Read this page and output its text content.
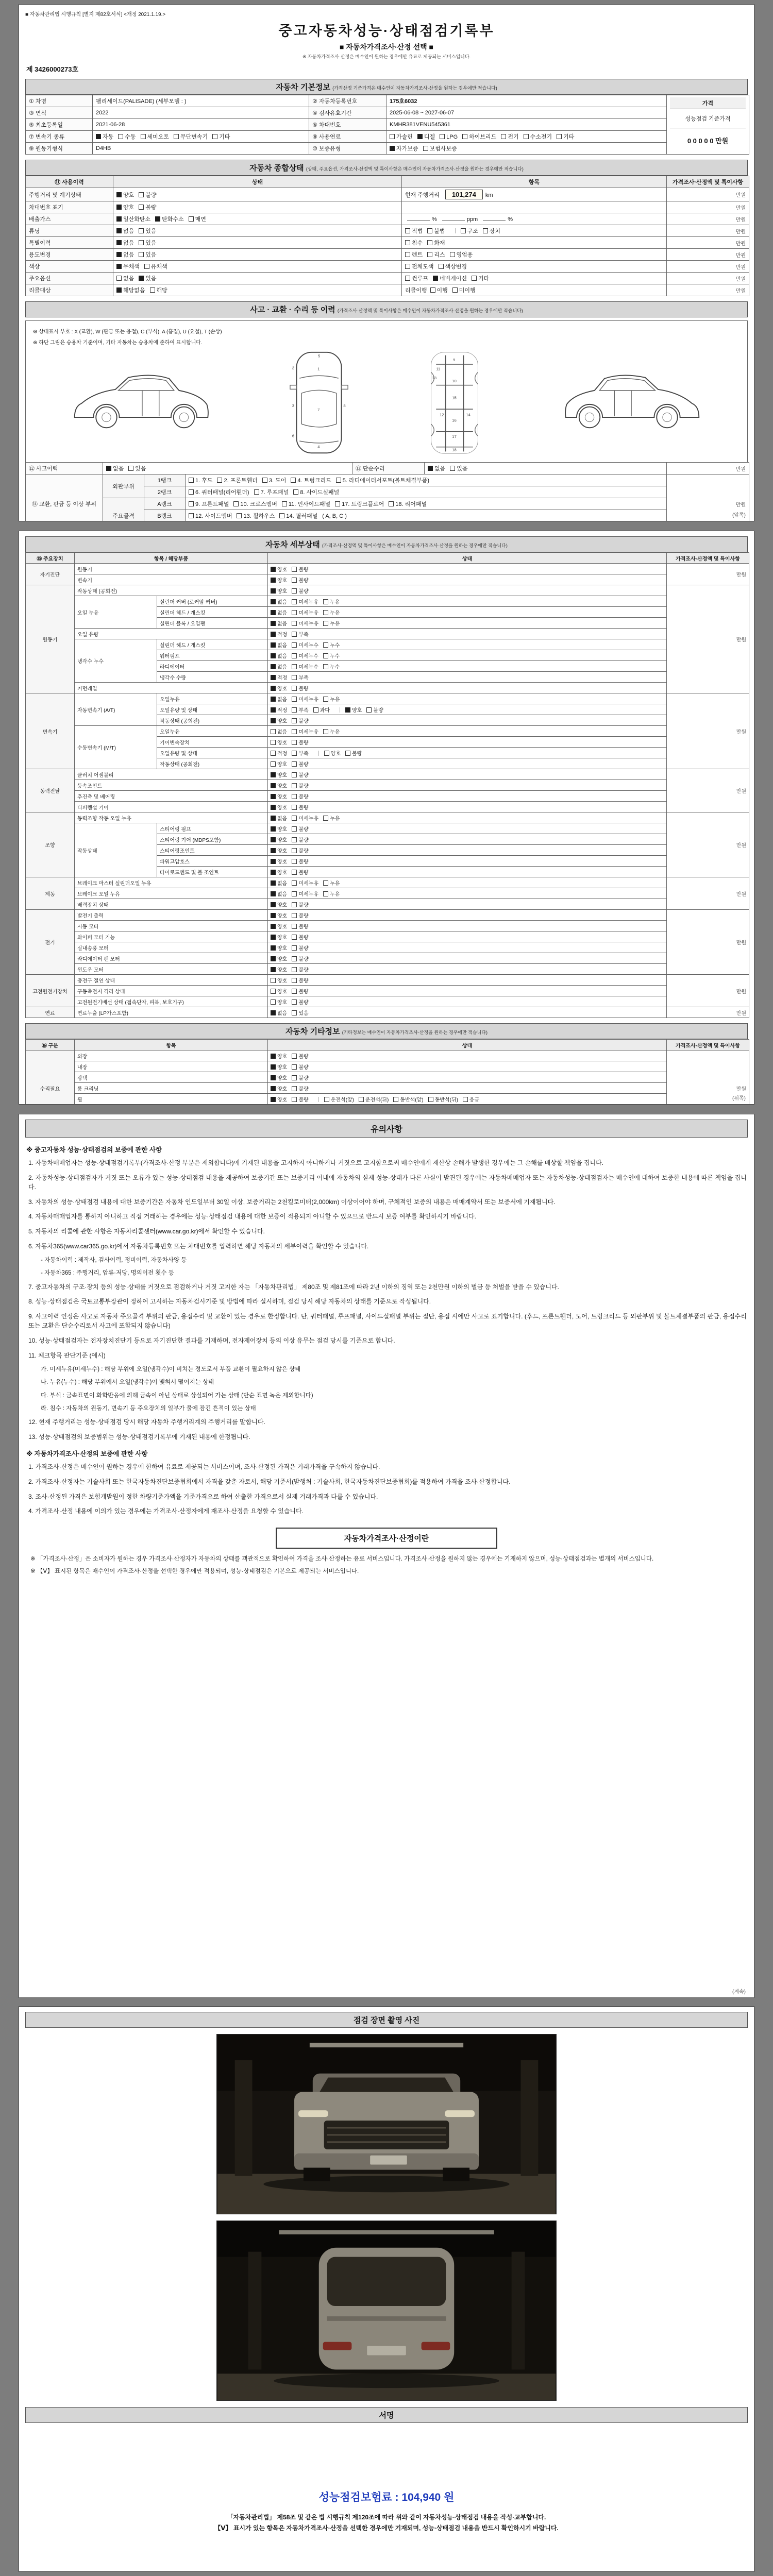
■ 자동차관리법 시행규칙 [별지 제82호서식] <개정 2021.1.19.>
중고자동차성능·상태점검기록부
■ 자동차가격조사·산정 선택 ■
※ 자동차가격조사·산정은 매수인이 원하는 경우에만 유료로 제공되는 서비스입니다.
제 3426000273호
자동차 기본정보 (가격산정 기준가격은 매수인이 자동차가격조사·산정을 원하는 경우에만 적습니다)
① 차명	팰리세이드(PALISADE) (세부모델 : )	② 자동차등록번호	175호6032	가격
성능점검 기준가격
0 0 0 0 0 만원

③ 연식	2022	④ 검사유효기간	2025-06-08 ~ 2027-06-07	
⑤ 최초등록일	2021-06-28	⑥ 차대번호	KMHR381VENU545361	
⑦ 변속기 종류	자동 수동 세미오토 무단변속기 기타	⑧ 사용연료	가솔린 디젤 LPG 하이브리드 전기 수소전기 기타	
⑨ 원동기형식	D4HB	⑩ 보증유형	자가보증 보험사보증	
자동차 종합상태 (상태, 주요옵션, 가격조사·산정액 및 특이사항은 매수인이 자동차가격조사·산정을 원하는 경우에만 적습니다)
⑪ 사용이력	상태	항목	가격조사·산정액 및 특이사항
주행거리 및 계기상태	양호 불량	현재 주행거리 101,274 km	만원
차대번호 표기	양호 불량		만원
배출가스	일산화탄소 탄화수소 매연	% ppm %	만원
튜닝	없음 있음	적법 불법 구조 장치	만원
특별이력	없음 있음	침수 화재	만원
용도변경	없음 있음	렌트 리스 영업용	만원
색상	무채색 유채색	전체도색 색상변경	만원
주요옵션	없음 있음	썬루프 네비게이션 기타	만원
리콜대상	해당없음 해당	리콜이행 이행 미이행	만원
사고 · 교환 · 수리 등 이력 (가격조사·산정액 및 특이사항은 매수인이 자동차가격조사·산정을 원하는 경우에만 적습니다)
※ 상태표시 부호 : X (교환), W (판금 또는 용접), C (부식), A (흠집), U (요철), T (손상)
※ 하단 그림은 승용차 기준이며, 기타 자동차는 승용차에 준하여 표시합니다.
5
1
2
3
7
6
8
4
9
10
11
13
12	14
15
16
17
18
⑫ 사고이력	없음 있음	⑬ 단순수리	없음 있음	만원
⑭ 교환, 판금 등 이상 부위	외판부위	1랭크	1. 후드 2. 프론트휀더 3. 도어 4. 트렁크리드 5. 라디에이터서포트(볼트체결부품)	만원
		2랭크	6. 쿼터패널(리어휀더) 7. 루프패널 8. 사이드실패널	
	주요골격	A랭크	9. 프론트패널 10. 크로스멤버 11. 인사이드패널 17. 트렁크플로어 18. 리어패널	
		B랭크	12. 사이드멤버 13. 휠하우스 14. 필러패널 ( A, B, C )	
		(앞쪽)
자동차 세부상태 (가격조사·산정액 및 특이사항은 매수인이 자동차가격조사·산정을 원하는 경우에만 적습니다)
⑮ 주요장치	항목 / 해당부품		상태	가격조사·산정액 및 특이사항
자기진단	원동기		양호 불량	만원
	변속기		양호 불량	
원동기	작동상태 (공회전)		양호 불량	만원
	오일 누유	실린더 커버 (로커암 커버)	없음 미세누유 누유	
		실린더 헤드 / 개스킷	없음 미세누유 누유	
		실린더 블록 / 오일팬	없음 미세누유 누유	
	오일 유량		적정 부족	
	냉각수 누수	실린더 헤드 / 개스킷	없음 미세누수 누수	
		워터펌프	없음 미세누수 누수	
		라디에이터	없음 미세누수 누수	
		냉각수 수량	적정 부족	
	커먼레일		양호 불량	
변속기	자동변속기 (A/T)	오일누유	없음 미세누유 누유	만원
		오일유량 및 상태	적정 부족 과다 양호 불량	
		작동상태 (공회전)	양호 불량	
	수동변속기 (M/T)	오일누유	없음 미세누유 누유	
		기어변속장치	양호 불량	
		오일유량 및 상태	적정 부족 양호 불량	
		작동상태 (공회전)	양호 불량	
동력전달	클러치 어셈블리		양호 불량	만원
	등속조인트		양호 불량	
	추진축 및 베어링		양호 불량	
	디퍼렌셜 기어		양호 불량	
조향	동력조향 작동 오일 누유		없음 미세누유 누유	만원
	작동상태	스티어링 펌프	양호 불량	
		스티어링 기어 (MDPS포함)	양호 불량	
		스티어링조인트	양호 불량	
		파워고압호스	양호 불량	
		타이로드엔드 및 볼 조인트	양호 불량	
제동	브레이크 마스터 실린더오일 누유		없음 미세누유 누유	만원
	브레이크 오일 누유		없음 미세누유 누유	
	배력장치 상태		양호 불량	
전기	발전기 출력		양호 불량	만원
	시동 모터		양호 불량	
	와이퍼 모터 기능		양호 불량	
	실내송풍 모터		양호 불량	
	라디에이터 팬 모터		양호 불량	
	윈도우 모터		양호 불량	
고전원전기장치	충전구 절연 상태		양호 불량	만원
	구동축전지 격리 상태		양호 불량	
	고전원전기배선 상태 (접속단자, 피복, 보호기구)		양호 불량	
연료	연료누출 (LP가스포함)		없음 있음	만원
자동차 기타정보 (기타정보는 매수인이 자동차가격조사·산정을 원하는 경우에만 적습니다)
⑯ 구분	항목	상태	가격조사·산정액 및 특이사항
수리필요	외장	양호 불량	만원
	내장	양호 불량	
	광택	양호 불량	
	룸 크리닝	양호 불량	
	휠	양호 불량 운전석(앞) 운전석(뒤) 동반석(앞) 동반석(뒤) 응급	

		(뒤쪽)
유의사항
※ 중고자동차 성능·상태점검의 보증에 관한 사항
1. 자동차매매업자는 성능·상태점검기록부(가격조사·산정 부분은 제외합니다)에 기재된 내용을 고지하지 아니하거나 거짓으로 고지함으로써 매수인에게 재산상 손해가 발생한 경우에는 그 손해를 배상할 책임을 집니다.
2. 자동차성능·상태점검자가 거짓 또는 오류가 있는 성능·상태점검 내용을 제공하여 보증기간 또는 보증거리 이내에 자동차의 실제 성능·상태가 다른 사실이 발견된 경우에는 자동차매매업자 또는 자동차성능·상태점검자는 매수인에 대하여 보증한 내용에 따른 책임을 집니다.
3. 자동차의 성능·상태점검 내용에 대한 보증기간은 자동차 인도일부터 30일 이상, 보증거리는 2천킬로미터(2,000km) 이상이어야 하며, 구체적인 보증의 내용은 매매계약서 또는 보증서에 기재됩니다.
4. 자동차매매업자를 통하지 아니하고 직접 거래하는 경우에는 성능·상태점검 내용에 대한 보증이 적용되지 아니할 수 있으므로 반드시 보증 여부를 확인하시기 바랍니다.
5. 자동차의 리콜에 관한 사항은 자동차리콜센터(www.car.go.kr)에서 확인할 수 있습니다.
6. 자동차365(www.car365.go.kr)에서 자동차등록번호 또는 차대번호를 입력하면 해당 자동차의 세부이력을 확인할 수 있습니다.
- 자동차이력 : 제작사, 검사이력, 정비이력, 자동차사양 등
- 자동차365 : 주행거리, 압류·저당, 명의이전 횟수 등
7. 중고자동차의 구조·장치 등의 성능·상태를 거짓으로 점검하거나 거짓 고지한 자는 「자동차관리법」 제80조 및 제81조에 따라 2년 이하의 징역 또는 2천만원 이하의 벌금 등 처벌을 받을 수 있습니다.
8. 성능·상태점검은 국토교통부장관이 정하여 고시하는 자동차검사기준 및 방법에 따라 실시하며, 점검 당시 해당 자동차의 상태를 기준으로 작성됩니다.
9. 사고이력 인정은 사고로 자동차 주요골격 부위의 판금, 용접수리 및 교환이 있는 경우로 한정합니다. 단, 쿼터패널, 루프패널, 사이드실패널 부위는 절단, 용접 시에만 사고로 표기합니다. (후드, 프론트휀더, 도어, 트렁크리드 등 외판부위 및 볼트체결부품의 판금, 용접수리 또는 교환은 단순수리로서 사고에 포함되지 않습니다)
10. 성능·상태점검자는 전자장치진단기 등으로 자기진단한 결과를 기재하며, 전자제어장치 등의 이상 유무는 점검 당시를 기준으로 합니다.
11. 체크항목 판단기준 (예시)
가. 미세누유(미세누수) : 해당 부위에 오일(냉각수)이 비치는 정도로서 부품 교환이 필요하지 않은 상태
나. 누유(누수) : 해당 부위에서 오일(냉각수)이 맺혀서 떨어지는 상태
다. 부식 : 금속표면이 화학반응에 의해 금속이 아닌 상태로 상실되어 가는 상태 (단순 표면 녹은 제외합니다)
라. 침수 : 자동차의 원동기, 변속기 등 주요장치의 일부가 물에 잠긴 흔적이 있는 상태
12. 현재 주행거리는 성능·상태점검 당시 해당 자동차 주행거리계의 주행거리를 말합니다.
13. 성능·상태점검의 보증범위는 성능·상태점검기록부에 기재된 내용에 한정됩니다.
※ 자동차가격조사·산정의 보증에 관한 사항
1. 가격조사·산정은 매수인이 원하는 경우에 한하여 유료로 제공되는 서비스이며, 조사·산정된 가격은 거래가격을 구속하지 않습니다.
2. 가격조사·산정자는 기술사회 또는 한국자동차진단보증협회에서 자격을 갖춘 자로서, 해당 기준서(발행처 : 기술사회, 한국자동차진단보증협회)를 적용하여 가격을 조사·산정합니다.
3. 조사·산정된 가격은 보험개발원이 정한 차량기준가액을 기준가격으로 하여 산출한 가격으로서 실제 거래가격과 다를 수 있습니다.
4. 가격조사·산정 내용에 이의가 있는 경우에는 가격조사·산정자에게 재조사·산정을 요청할 수 있습니다.
자동차가격조사·산정이란
※ 「가격조사·산정」은 소비자가 원하는 경우 가격조사·산정자가 자동차의 상태를 객관적으로 확인하여 가격을 조사·산정하는 유료 서비스입니다. 가격조사·산정을 원하지 않는 경우에는 기재하지 않으며, 성능·상태점검과는 별개의 서비스입니다.
※ 【Ⅴ】 표시된 항목은 매수인이 가격조사·산정을 선택한 경우에만 적용되며, 성능·상태점검은 기본으로 제공되는 서비스입니다.
(계속)
점검 장면 촬영 사진
서명
성능점검보험료 : 104,940 원
「자동차관리법」 제58조 및 같은 법 시행규칙 제120조에 따라 위와 같이 자동차성능·상태점검 내용을 작성·교부합니다.
【Ⅴ】 표시가 있는 항목은 자동차가격조사·산정을 선택한 경우에만 기재되며, 성능·상태점검 내용을 반드시 확인하시기 바랍니다.
